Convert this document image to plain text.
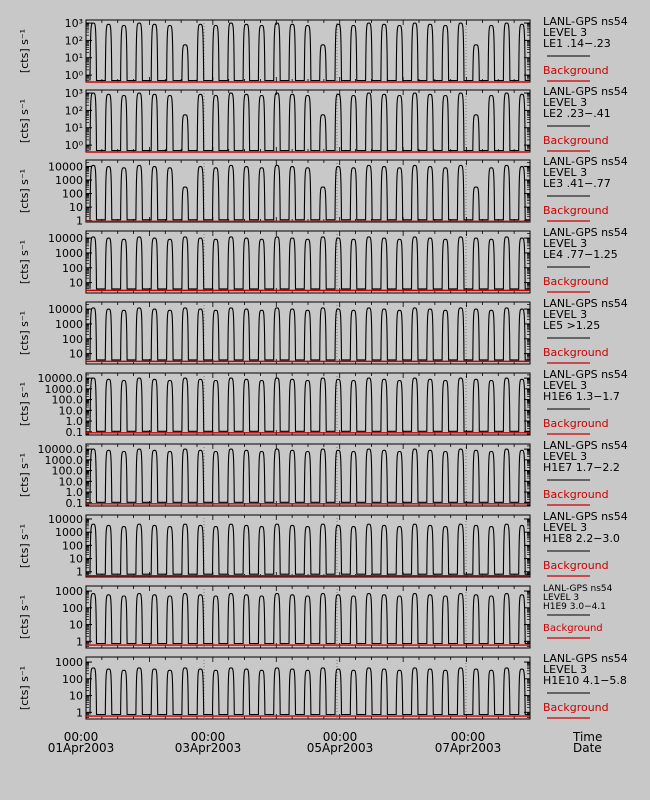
10⁰
10¹
10²
10³
[cts] s⁻¹
LANL-GPS ns54
LEVEL 3
LE1 .14−.23
Background
10⁰
10¹
10²
10³
[cts] s⁻¹
LANL-GPS ns54
LEVEL 3
LE2 .23−.41
Background
1
10
100
1000
10000
[cts] s⁻¹
LANL-GPS ns54
LEVEL 3
LE3 .41−.77
Background
10
100
1000
10000
[cts] s⁻¹
LANL-GPS ns54
LEVEL 3
LE4 .77−1.25
Background
10
100
1000
10000
[cts] s⁻¹
LANL-GPS ns54
LEVEL 3
LE5 >1.25
Background
0.1
1.0
10.0
100.0
1000.0
10000.0
[cts] s⁻¹
LANL-GPS ns54
LEVEL 3
H1E6 1.3−1.7
Background
0.1
1.0
10.0
100.0
1000.0
10000.0
[cts] s⁻¹
LANL-GPS ns54
LEVEL 3
H1E7 1.7−2.2
Background
1
10
100
1000
10000
[cts] s⁻¹
LANL-GPS ns54
LEVEL 3
H1E8 2.2−3.0
Background
1
10
100
1000
[cts] s⁻¹
LANL-GPS ns54
LEVEL 3
H1E9 3.0−4.1
Background
1
10
100
1000
[cts] s⁻¹
LANL-GPS ns54
LEVEL 3
H1E10 4.1−5.8
Background
00:00
01Apr2003
00:00
03Apr2003
00:00
05Apr2003
00:00
07Apr2003
Time
Date
